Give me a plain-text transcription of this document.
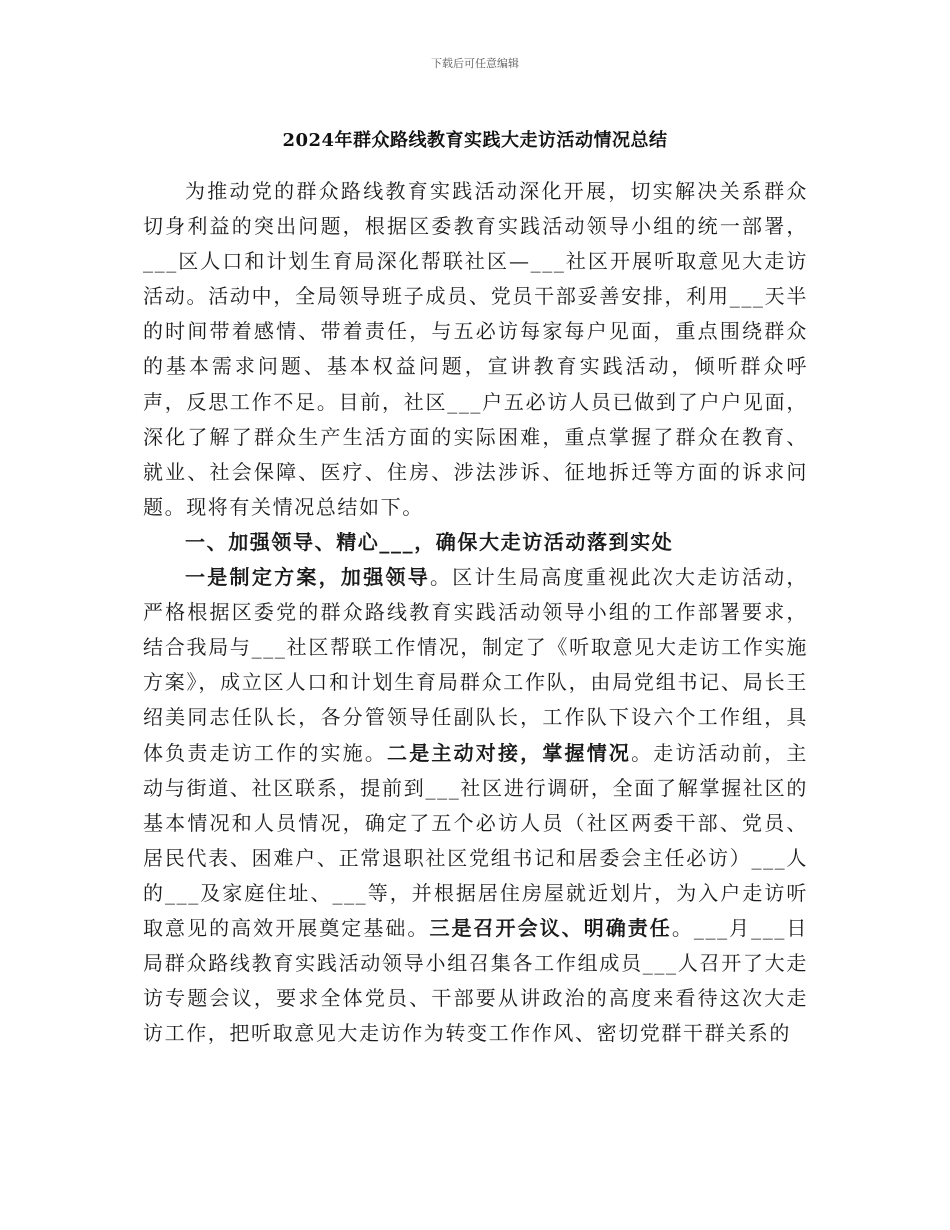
下载后可任意编辑
2024年群众路线教育实践大走访活动情况总结

为推动党的群众路线教育实践活动深化开展，切实解决关系群众切身利益的突出问题，根据区委教育实践活动领导小组的统一部署，___区人口和计划生育局深化帮联社区—___社区开展听取意见大走访活动。活动中，全局领导班子成员、党员干部妥善安排，利用___天半的时间带着感情、带着责任，与五必访每家每户见面，重点围绕群众的基本需求问题、基本权益问题，宣讲教育实践活动，倾听群众呼声，反思工作不足。目前，社区___户五必访人员已做到了户户见面，深化了解了群众生产生活方面的实际困难，重点掌握了群众在教育、就业、社会保障、医疗、住房、涉法涉诉、征地拆迁等方面的诉求问题。现将有关情况总结如下。

一、加强领导、精心___，确保大走访活动落到实处

一是制定方案，加强领导。区计生局高度重视此次大走访活动，严格根据区委党的群众路线教育实践活动领导小组的工作部署要求，结合我局与___社区帮联工作情况，制定了《听取意见大走访工作实施方案》，成立区人口和计划生育局群众工作队，由局党组书记、局长王绍美同志任队长，各分管领导任副队长，工作队下设六个工作组，具体负责走访工作的实施。二是主动对接，掌握情况。走访活动前，主动与街道、社区联系，提前到___社区进行调研，全面了解掌握社区的基本情况和人员情况，确定了五个必访人员（社区两委干部、党员、居民代表、困难户、正常退职社区党组书记和居委会主任必访）___人的___及家庭住址、___等，并根据居住房屋就近划片，为入户走访听取意见的高效开展奠定基础。三是召开会议、明确责任。___月___日局群众路线教育实践活动领导小组召集各工作组成员___人召开了大走访专题会议，要求全体党员、干部要从讲政治的高度来看待这次大走访工作，把听取意见大走访作为转变工作作风、密切党群干群关系的
